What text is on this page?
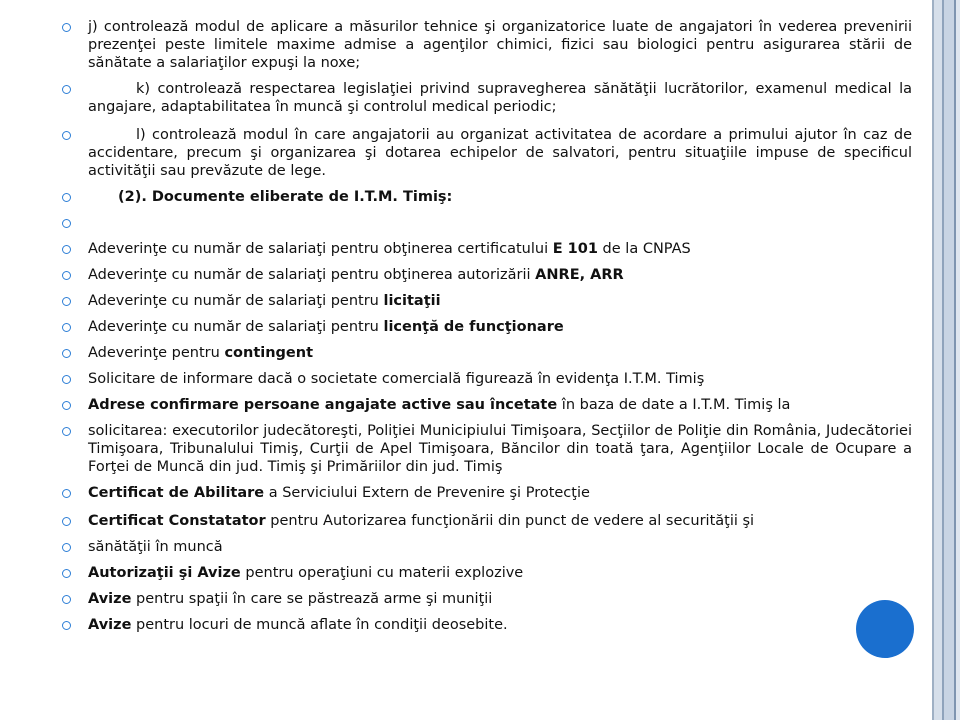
j) controlează modul de aplicare a măsurilor tehnice şi organizatorice luate de angajatori în vederea prevenirii prezenţei peste limitele maxime admise a agenţilor chimici, fizici sau biologici pentru asigurarea stării de sănătate a salariaţilor expuşi la noxe;
k) controlează respectarea legislaţiei privind supravegherea sănătăţii lucrătorilor, examenul medical la angajare, adaptabilitatea în muncă şi controlul medical periodic;
l) controlează modul în care angajatorii au organizat activitatea de acordare a primului ajutor în caz de accidentare, precum şi organizarea şi dotarea echipelor de salvatori, pentru situaţiile impuse de specificul activităţii sau prevăzute de lege.
(2). Documente eliberate de I.T.M. Timiş:
Adeverinţe cu număr de salariaţi pentru obţinerea certificatului E 101 de la CNPAS
Adeverinţe cu număr de salariaţi pentru obţinerea autorizării ANRE, ARR
Adeverinţe cu număr de salariaţi pentru licitaţii
Adeverinţe cu număr de salariaţi pentru licenţă de funcţionare
Adeverinţe pentru contingent
Solicitare de informare dacă o societate comercială figurează în evidenţa I.T.M. Timiş
Adrese confirmare persoane angajate active sau încetate în baza de date a I.T.M. Timiş la
solicitarea: executorilor judecătoreşti, Poliţiei Municipiului Timişoara, Secţiilor de Poliţie din România, Judecătoriei Timişoara, Tribunalului Timiş, Curţii de Apel Timişoara, Băncilor din toată ţara, Agenţiilor Locale de Ocupare a Forţei de Muncă din jud. Timiş şi Primăriilor din jud. Timiş
Certificat de Abilitare a Serviciului Extern de Prevenire şi Protecţie
Certificat Constatator pentru Autorizarea funcţionării din punct de vedere al securităţii şi
sănătăţii în muncă
Autorizaţii şi Avize pentru operaţiuni cu materii explozive
Avize pentru spaţii în care se păstrează arme şi muniţii
Avize pentru locuri de muncă aflate în condiţii deosebite.
